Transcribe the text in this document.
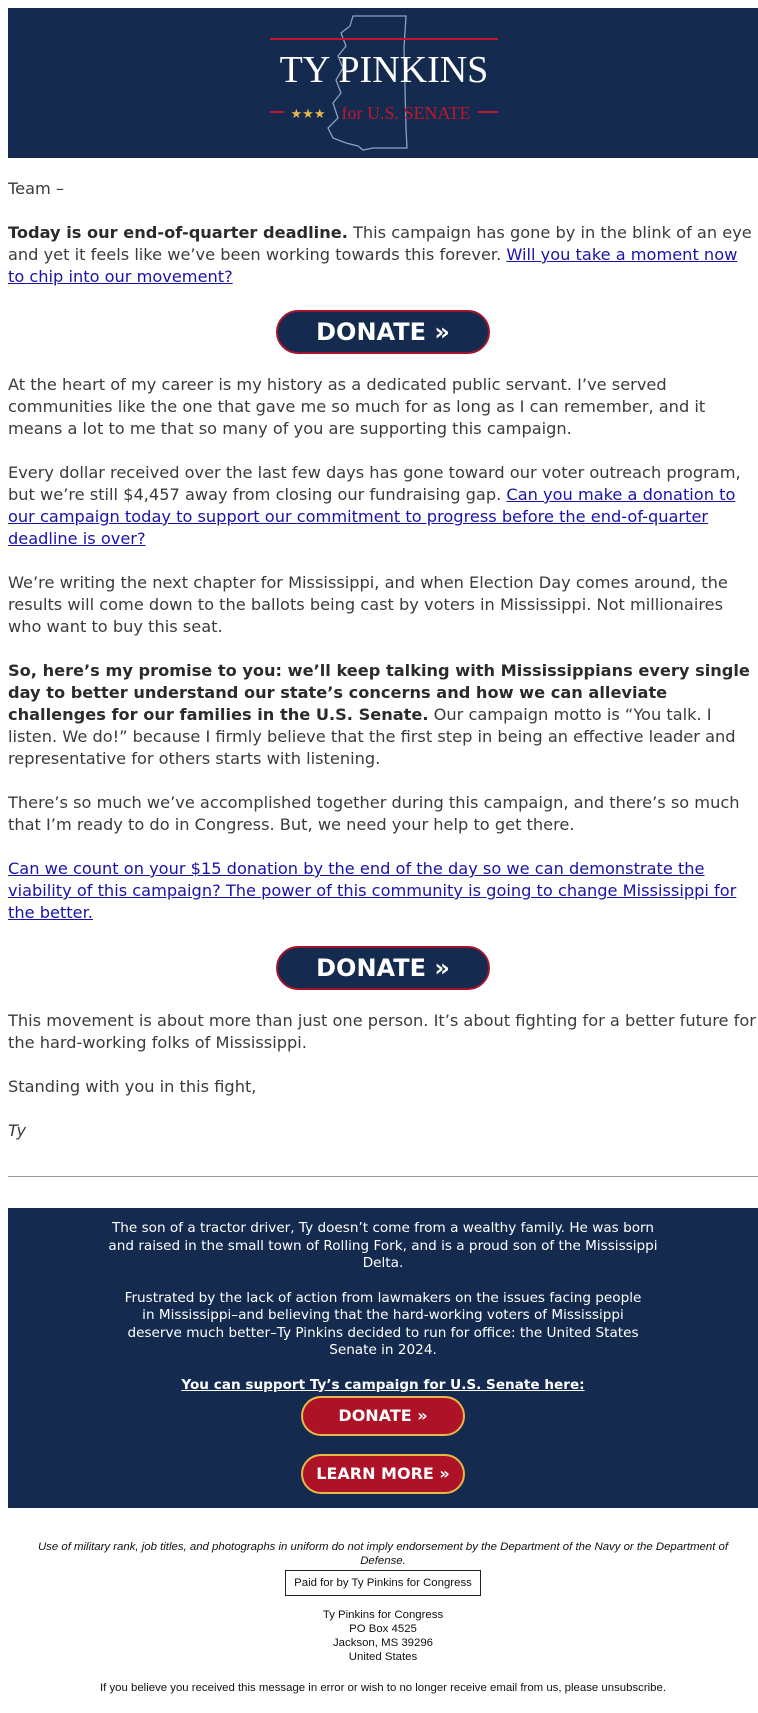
TY PINKINS
★★★ for U.S. SENATE

Team –

Today is our end-of-quarter deadline. This campaign has gone by in the blink of an eye and yet it feels like we’ve been working towards this forever. Will you take a moment now to chip into our movement?

DONATE »

At the heart of my career is my history as a dedicated public servant. I’ve served communities like the one that gave me so much for as long as I can remember, and it means a lot to me that so many of you are supporting this campaign.

Every dollar received over the last few days has gone toward our voter outreach program, but we’re still $4,457 away from closing our fundraising gap. Can you make a donation to our campaign today to support our commitment to progress before the end-of-quarter deadline is over?

We’re writing the next chapter for Mississippi, and when Election Day comes around, the results will come down to the ballots being cast by voters in Mississippi. Not millionaires who want to buy this seat.

So, here’s my promise to you: we’ll keep talking with Mississippians every single day to better understand our state’s concerns and how we can alleviate challenges for our families in the U.S. Senate. Our campaign motto is “You talk. I listen. We do!” because I firmly believe that the first step in being an effective leader and representative for others starts with listening.

There’s so much we’ve accomplished together during this campaign, and there’s so much that I’m ready to do in Congress. But, we need your help to get there.

Can we count on your $15 donation by the end of the day so we can demonstrate the viability of this campaign? The power of this community is going to change Mississippi for the better.

DONATE »

This movement is about more than just one person. It’s about fighting for a better future for the hard-working folks of Mississippi.

Standing with you in this fight,

Ty

The son of a tractor driver, Ty doesn’t come from a wealthy family. He was born and raised in the small town of Rolling Fork, and is a proud son of the Mississippi Delta.

Frustrated by the lack of action from lawmakers on the issues facing people in Mississippi–and believing that the hard-working voters of Mississippi deserve much better–Ty Pinkins decided to run for office: the United States Senate in 2024.

You can support Ty’s campaign for U.S. Senate here:

DONATE »
LEARN MORE »
Use of military rank, job titles, and photographs in uniform do not imply endorsement by the Department of the Navy or the Department of Defense.
Paid for by Ty Pinkins for Congress
Ty Pinkins for Congress
PO Box 4525
Jackson, MS 39296
United States
If you believe you received this message in error or wish to no longer receive email from us, please unsubscribe.
